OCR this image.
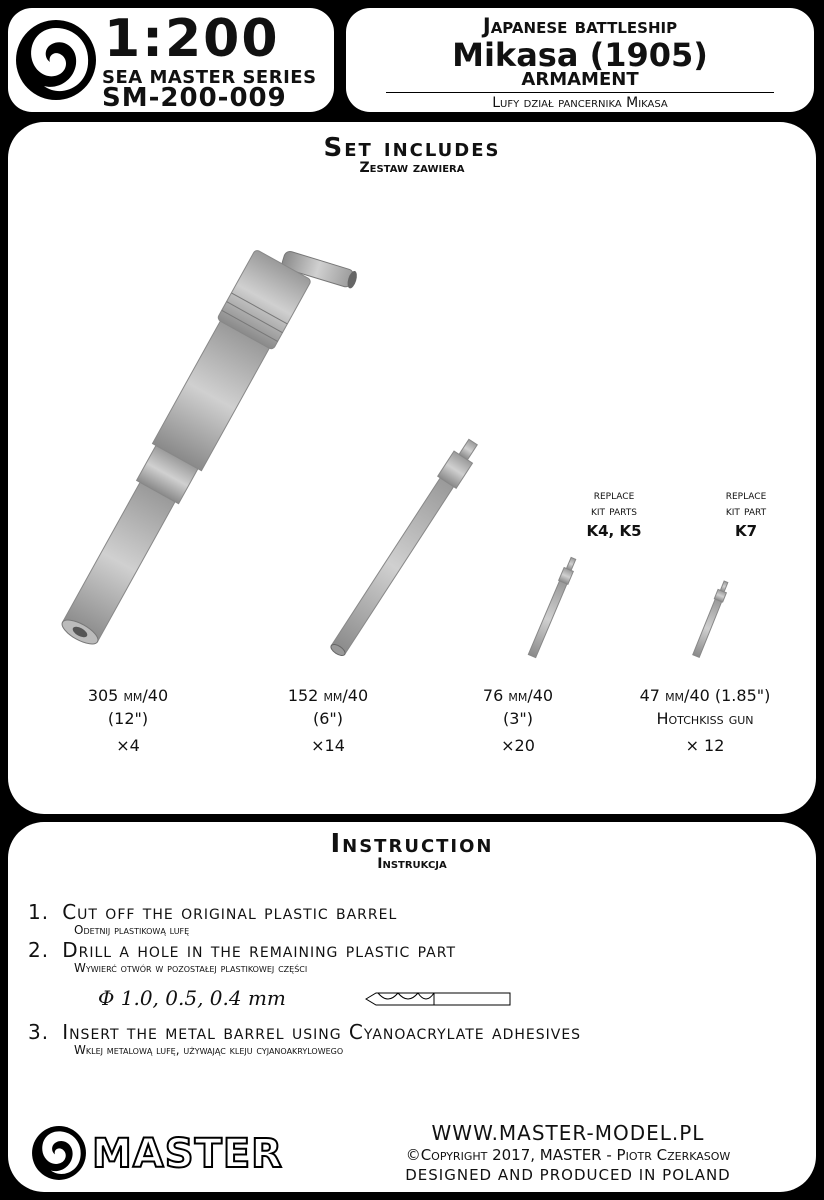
1:200
SEA MASTER SERIES
SM-200-009
Japanese battleship
Mikasa (1905)
ARMAMENT
Lufy dział pancernika Mikasa
Set includes
Zestaw zawiera
replace
kit parts
K4, K5
replace
kit part
K7
305 mm/40
(12")
×4
152 mm/40
(6")
×14
76 mm/40
(3")
×20
47 mm/40 (1.85")
Hotchkiss gun
× 12
Instruction
Instrukcja
1. Cut off the original plastic barrel
Odetnij plastikową lufę
2. Drill a hole in the remaining plastic part
Wywierć otwór w pozostałej plastikowej części
Φ 1.0, 0.5, 0.4 mm
3. Insert the metal barrel using Cyanoacrylate adhesives
Wklej metalową lufę, używając kleju cyjanoakrylowego
MASTER	WWW.MASTER-MODEL.PL
©Copyright 2017, MASTER - Piotr Czerkasow
DESIGNED AND PRODUCED IN POLAND
